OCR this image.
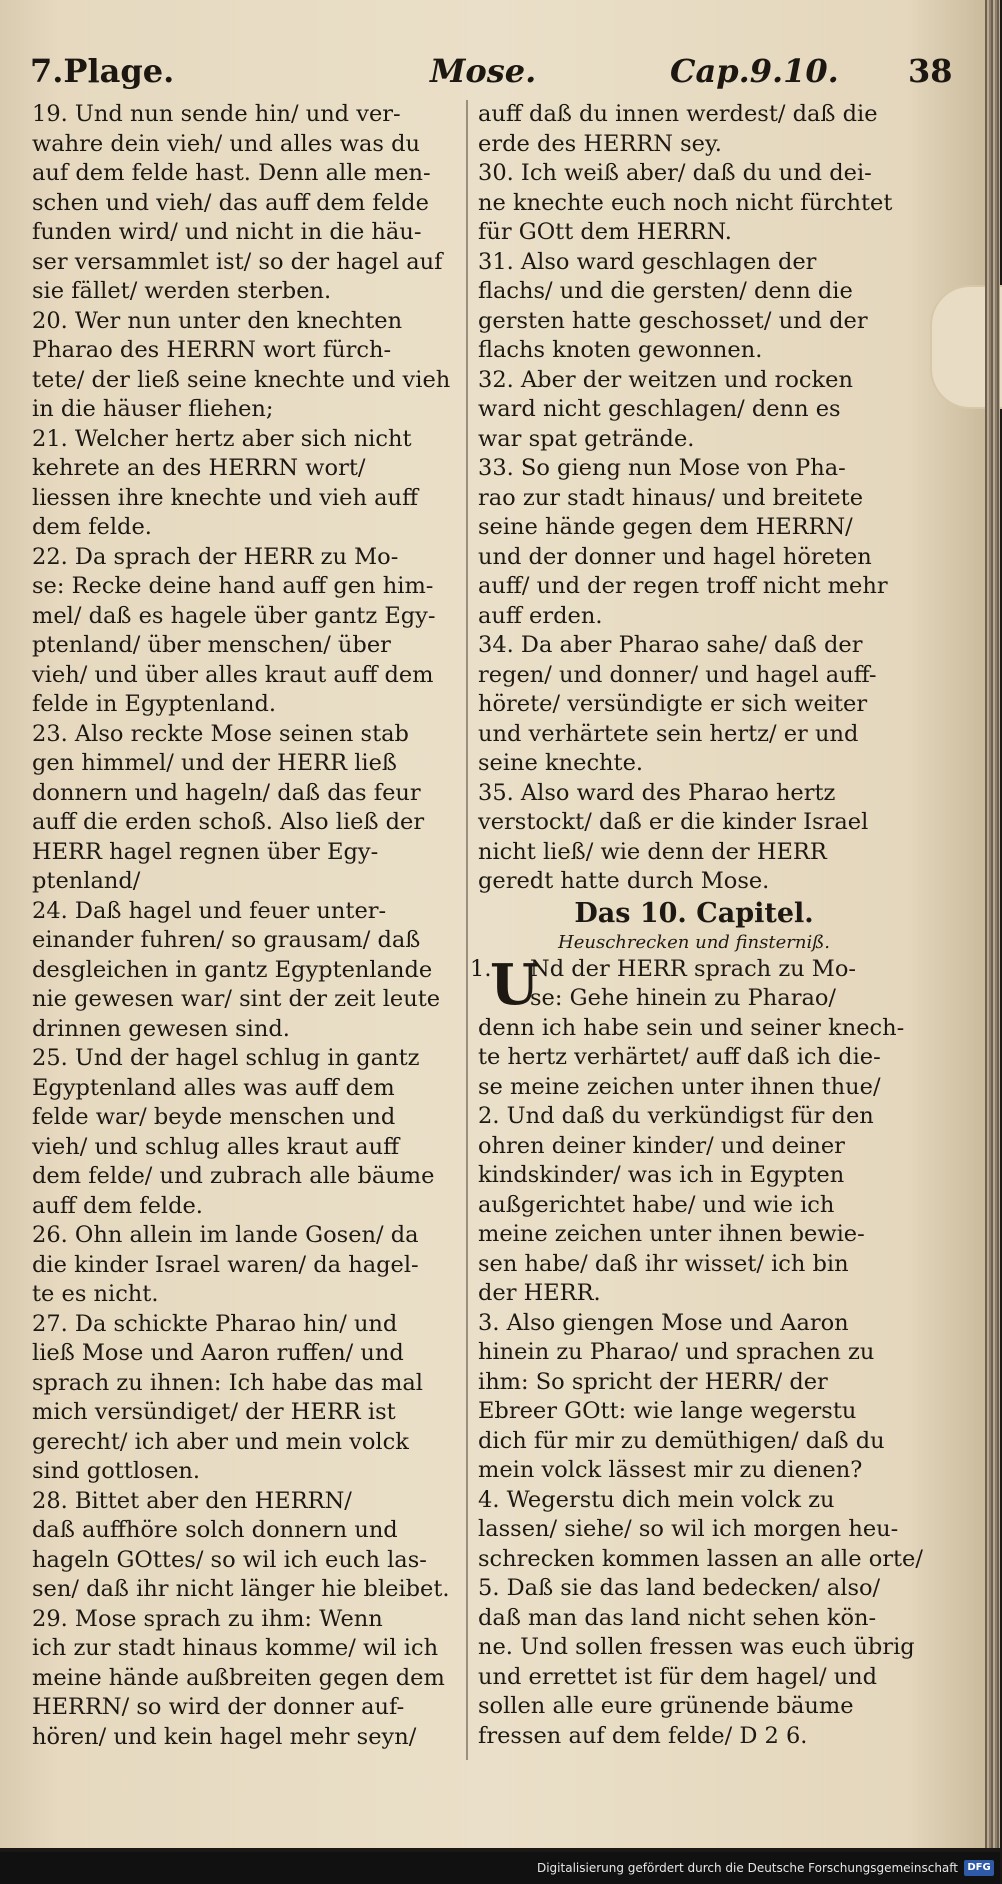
7.Plage.	Mose.	Cap.9.10. 38
19. Und nun sende hin/ und ver-
wahre dein vieh/ und alles was du
auf dem felde hast. Denn alle men-
schen und vieh/ das auff dem felde
funden wird/ und nicht in die häu-
ser versammlet ist/ so der hagel auf
sie fället/ werden sterben.
20. Wer nun unter den knechten
Pharao des HERRN wort fürch-
tete/ der ließ seine knechte und vieh
in die häuser fliehen;
21. Welcher hertz aber sich nicht
kehrete an des HERRN wort/
liessen ihre knechte und vieh auff
dem felde.
22. Da sprach der HERR zu Mo-
se: Recke deine hand auff gen him-
mel/ daß es hagele über gantz Egy-
ptenland/ über menschen/ über
vieh/ und über alles kraut auff dem
felde in Egyptenland.
23. Also reckte Mose seinen stab
gen himmel/ und der HERR ließ
donnern und hageln/ daß das feur
auff die erden schoß. Also ließ der
HERR hagel regnen über Egy-
ptenland/
24. Daß hagel und feuer unter-
einander fuhren/ so grausam/ daß
desgleichen in gantz Egyptenlande
nie gewesen war/ sint der zeit leute
drinnen gewesen sind.
25. Und der hagel schlug in gantz
Egyptenland alles was auff dem
felde war/ beyde menschen und
vieh/ und schlug alles kraut auff
dem felde/ und zubrach alle bäume
auff dem felde.
26. Ohn allein im lande Gosen/ da
die kinder Israel waren/ da hagel-
te es nicht.
27. Da schickte Pharao hin/ und
ließ Mose und Aaron ruffen/ und
sprach zu ihnen: Ich habe das mal
mich versündiget/ der HERR ist
gerecht/ ich aber und mein volck
sind gottlosen.
28. Bittet aber den HERRN/
daß auffhöre solch donnern und
hageln GOttes/ so wil ich euch las-
sen/ daß ihr nicht länger hie bleibet.
29. Mose sprach zu ihm: Wenn
ich zur stadt hinaus komme/ wil ich
meine hände außbreiten gegen dem
HERRN/ so wird der donner auf-
hören/ und kein hagel mehr seyn/
auff daß du innen werdest/ daß die
erde des HERRN sey.
30. Ich weiß aber/ daß du und dei-
ne knechte euch noch nicht fürchtet
für GOtt dem HERRN.
31. Also ward geschlagen der
flachs/ und die gersten/ denn die
gersten hatte geschosset/ und der
flachs knoten gewonnen.
32. Aber der weitzen und rocken
ward nicht geschlagen/ denn es
war spat getrände.
33. So gieng nun Mose von Pha-
rao zur stadt hinaus/ und breitete
seine hände gegen dem HERRN/
und der donner und hagel höreten
auff/ und der regen troff nicht mehr
auff erden.
34. Da aber Pharao sahe/ daß der
regen/ und donner/ und hagel auff-
hörete/ versündigte er sich weiter
und verhärtete sein hertz/ er und
seine knechte.
35. Also ward des Pharao hertz
verstockt/ daß er die kinder Israel
nicht ließ/ wie denn der HERR
geredt hatte durch Mose.
Das 10. Capitel.
Heuschrecken und finsterniß.
U
1. Nd der HERR sprach zu Mo-
se: Gehe hinein zu Pharao/
denn ich habe sein und seiner knech-
te hertz verhärtet/ auff daß ich die-
se meine zeichen unter ihnen thue/
2. Und daß du verkündigst für den
ohren deiner kinder/ und deiner
kindskinder/ was ich in Egypten
außgerichtet habe/ und wie ich
meine zeichen unter ihnen bewie-
sen habe/ daß ihr wisset/ ich bin
der HERR.
3. Also giengen Mose und Aaron
hinein zu Pharao/ und sprachen zu
ihm: So spricht der HERR/ der
Ebreer GOtt: wie lange wegerstu
dich für mir zu demüthigen/ daß du
mein volck lässest mir zu dienen?
4. Wegerstu dich mein volck zu
lassen/ siehe/ so wil ich morgen heu-
schrecken kommen lassen an alle orte/
5. Daß sie das land bedecken/ also/
daß man das land nicht sehen kön-
ne. Und sollen fressen was euch übrig
und errettet ist für dem hagel/ und
sollen alle eure grünende bäume
fressen auf dem felde/ D 2 6.
Digitalisierung gefördert durch die Deutsche Forschungsgemeinschaft DFG
